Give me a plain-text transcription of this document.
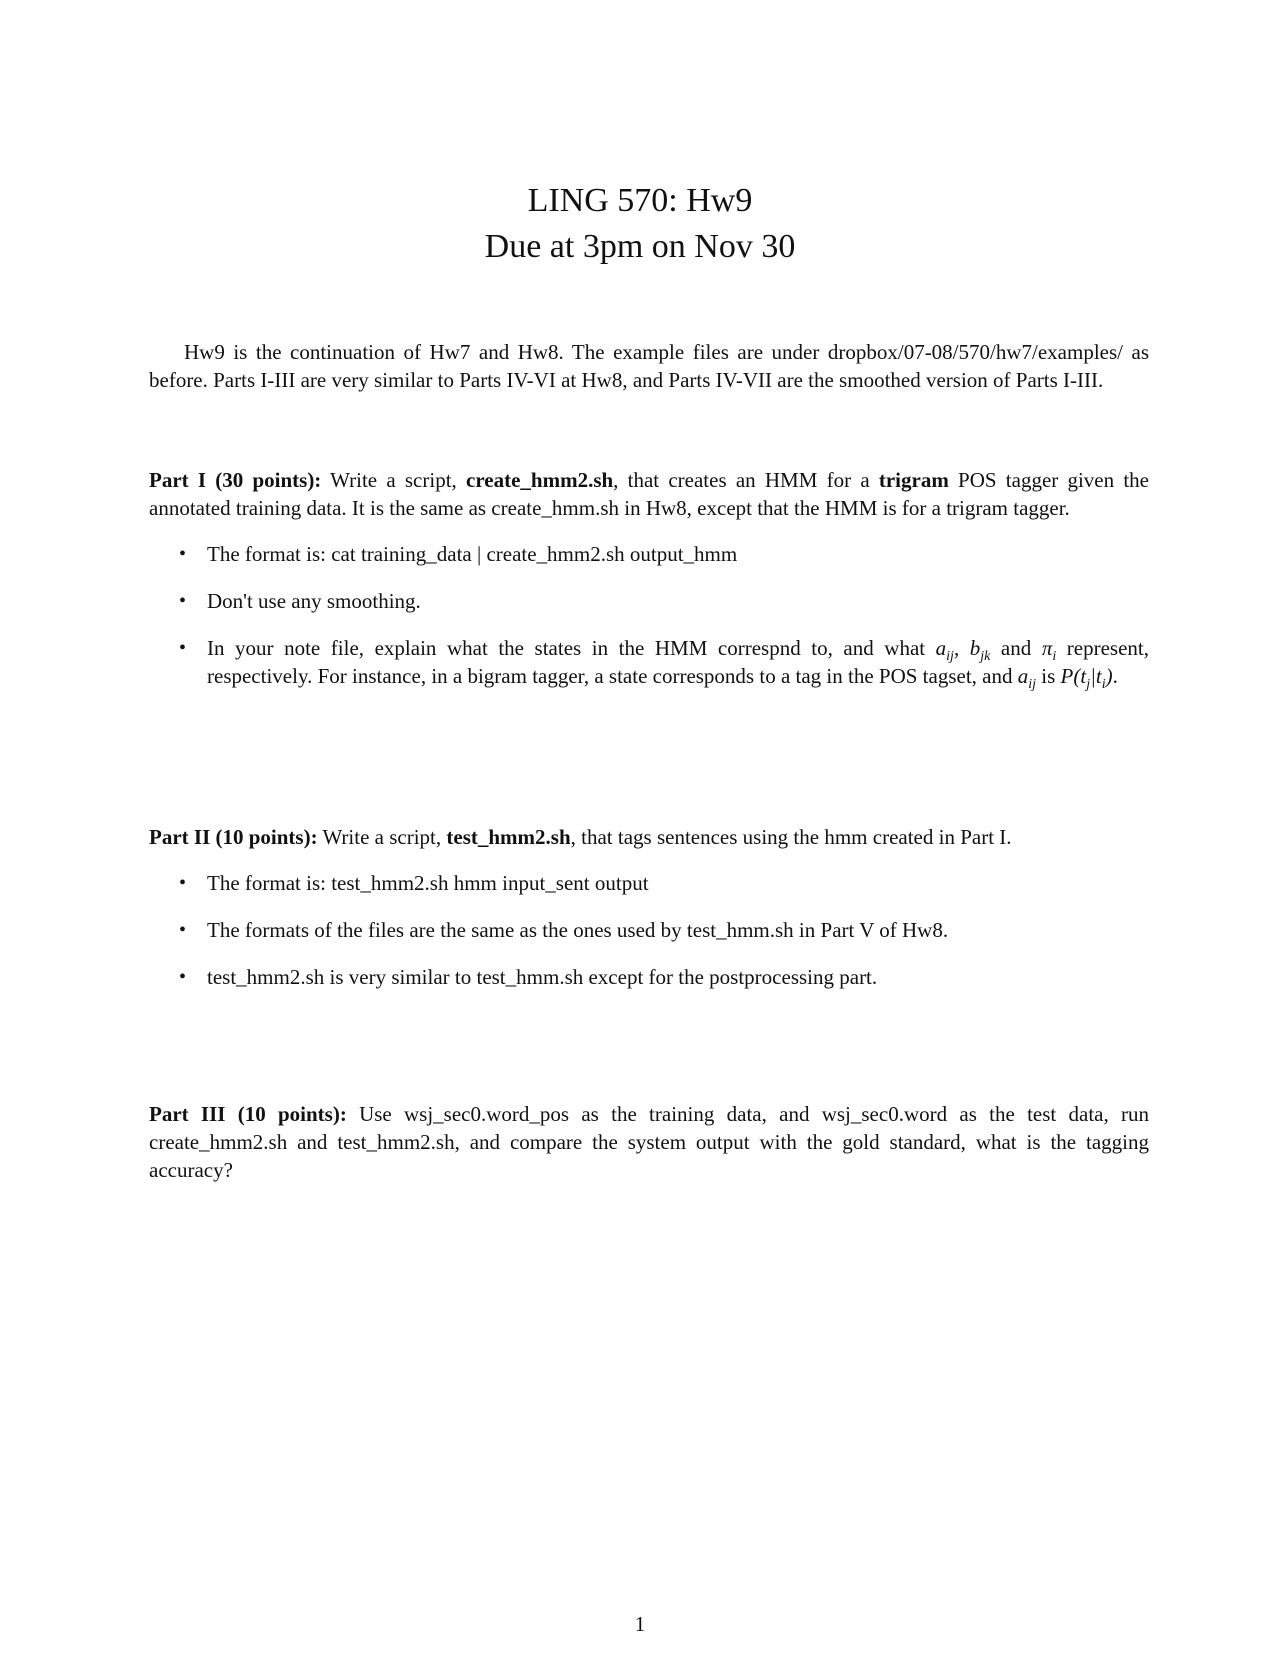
LING 570: Hw9
Due at 3pm on Nov 30

Hw9 is the continuation of Hw7 and Hw8. The example files are under dropbox/07-08/570/hw7/examples/ as before. Parts I-III are very similar to Parts IV-VI at Hw8, and Parts IV-VII are the smoothed version of Parts I-III.

Part I (30 points): Write a script, create_hmm2.sh, that creates an HMM for a trigram POS tagger given the annotated training data. It is the same as create_hmm.sh in Hw8, except that the HMM is for a trigram tagger.

• The format is: cat training_data | create_hmm2.sh output_hmm
• Don't use any smoothing.
• In your note file, explain what the states in the HMM correspnd to, and what $a_{ij}$, $b_{jk}$ and $\pi_i$ represent, respectively. For instance, in a bigram tagger, a state corresponds to a tag in the POS tagset, and $a_{ij}$ is $P(t_j|t_i)$.

Part II (10 points): Write a script, test_hmm2.sh, that tags sentences using the hmm created in Part I.

• The format is: test_hmm2.sh hmm input_sent output
• The formats of the files are the same as the ones used by test_hmm.sh in Part V of Hw8.
• test_hmm2.sh is very similar to test_hmm.sh except for the postprocessing part.

Part III (10 points): Use wsj_sec0.word_pos as the training data, and wsj_sec0.word as the test data, run create_hmm2.sh and test_hmm2.sh, and compare the system output with the gold standard, what is the tagging accuracy?

1
